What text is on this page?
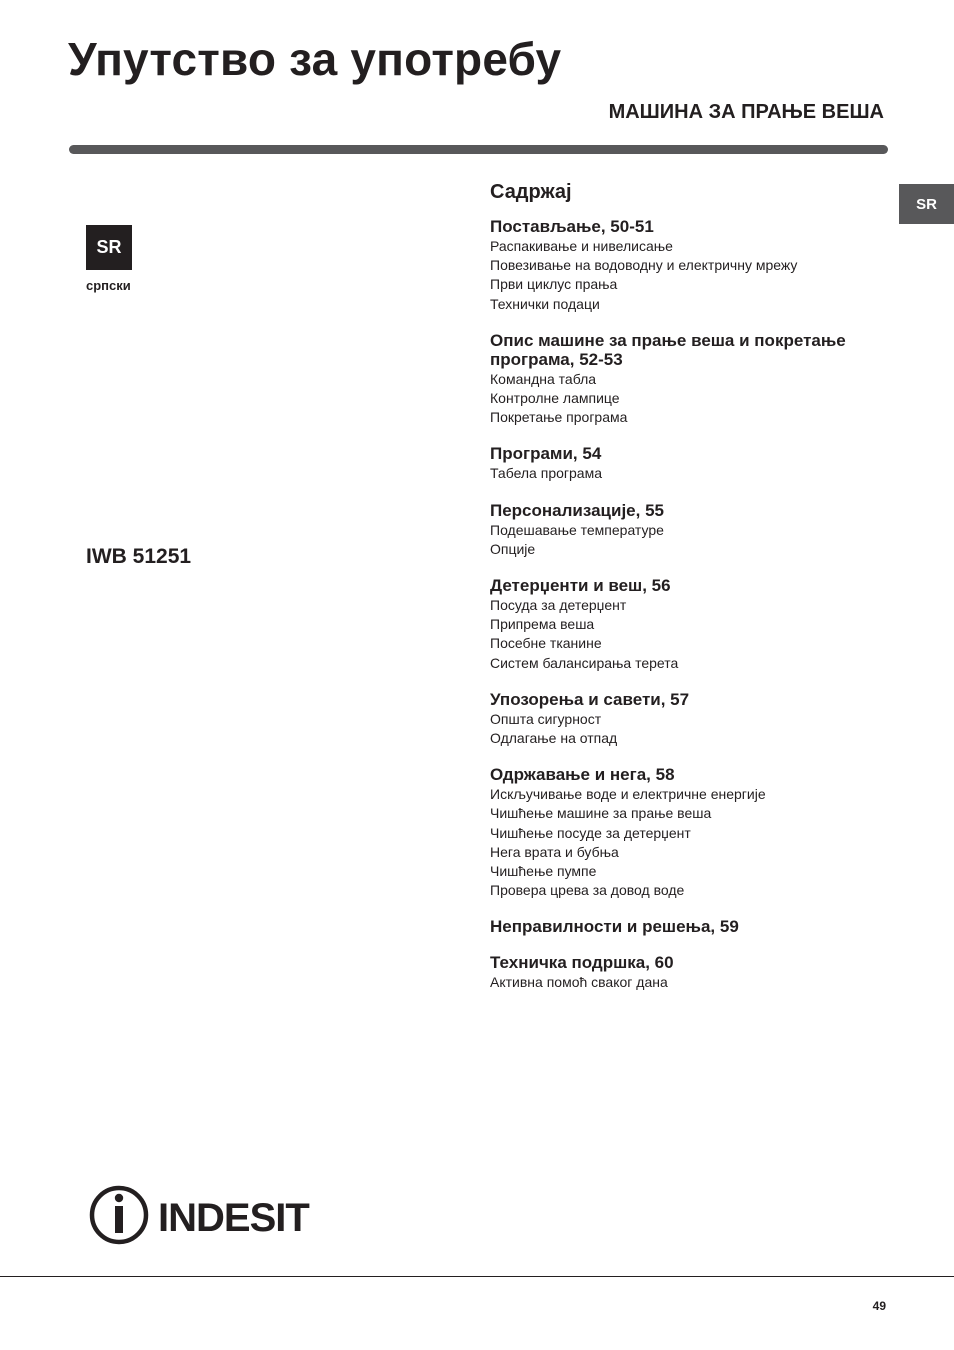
Упутство за употребу
МАШИНА ЗА ПРАЊЕ ВЕША
SR
SR
српски
IWB 51251
Садржај
Постављање, 50-51
Распакивање и нивелисање
Повезивање на водоводну и електричну мрежу
Први циклус прања
Технички подаци
Опис машине за прање веша и покретање програма, 52-53
Командна табла
Контролне лампице
Покретање програма
Програми, 54
Табела програма
Персонализације, 55
Подешавање температуре
Опције
Детерџенти и веш, 56
Посуда за детерџент
Припрема веша
Посебне тканине
Систем балансирања терета
Упозорења и савети, 57
Општа сигурност
Одлагање на отпад
Одржавање и нега, 58
Искључивање воде и електричне енергије
Чишћење машине за прање веша
Чишћење посуде за детерџент
Нега врата и бубња
Чишћење пумпе
Провера црева за довод воде
Неправилности и решења, 59
Техничка подршка, 60
Активна помоћ сваког дана
INDESIT
49
